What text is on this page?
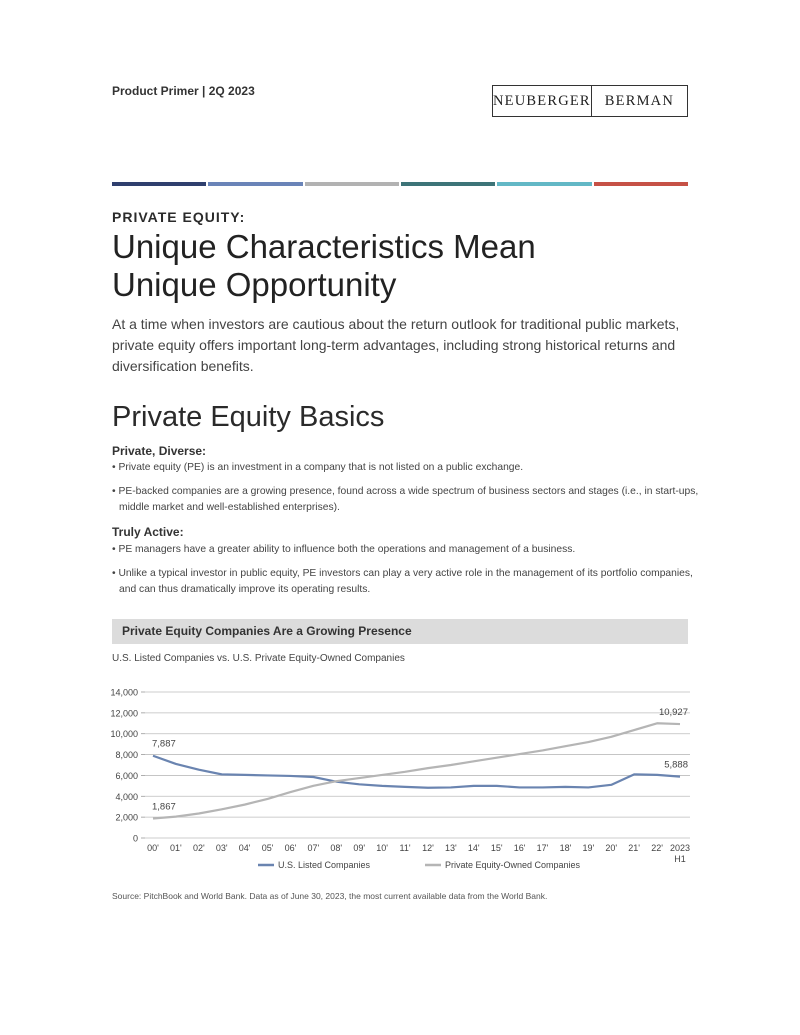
Product Primer | 2Q 2023
NEUBERGER BERMAN
PRIVATE EQUITY:
Unique Characteristics Mean
Unique Opportunity
At a time when investors are cautious about the return outlook for traditional public markets, private equity offers important long-term advantages, including strong historical returns and diversification benefits.
Private Equity Basics
Private, Diverse:
• Private equity (PE) is an investment in a company that is not listed on a public exchange.
• PE-backed companies are a growing presence, found across a wide spectrum of business sectors and stages (i.e., in start-ups, middle market and well-established enterprises).
Truly Active:
• PE managers have a greater ability to influence both the operations and management of a business.
• Unlike a typical investor in public equity, PE investors can play a very active role in the management of its portfolio companies, and can thus dramatically improve its operating results.
Private Equity Companies Are a Growing Presence
U.S. Listed Companies vs. U.S. Private Equity-Owned Companies
0
2,000
4,000
6,000
8,000
10,000
12,000
14,000
00' 01' 02' 03' 04' 05' 06' 07' 08' 09' 10' 11' 12' 13' 14' 15' 16' 17' 18' 19' 20' 21' 22' 2023
H1
7,887
1,867
10,927
5,888
U.S. Listed Companies	Private Equity-Owned Companies
Source: PitchBook and World Bank. Data as of June 30, 2023, the most current available data from the World Bank.
